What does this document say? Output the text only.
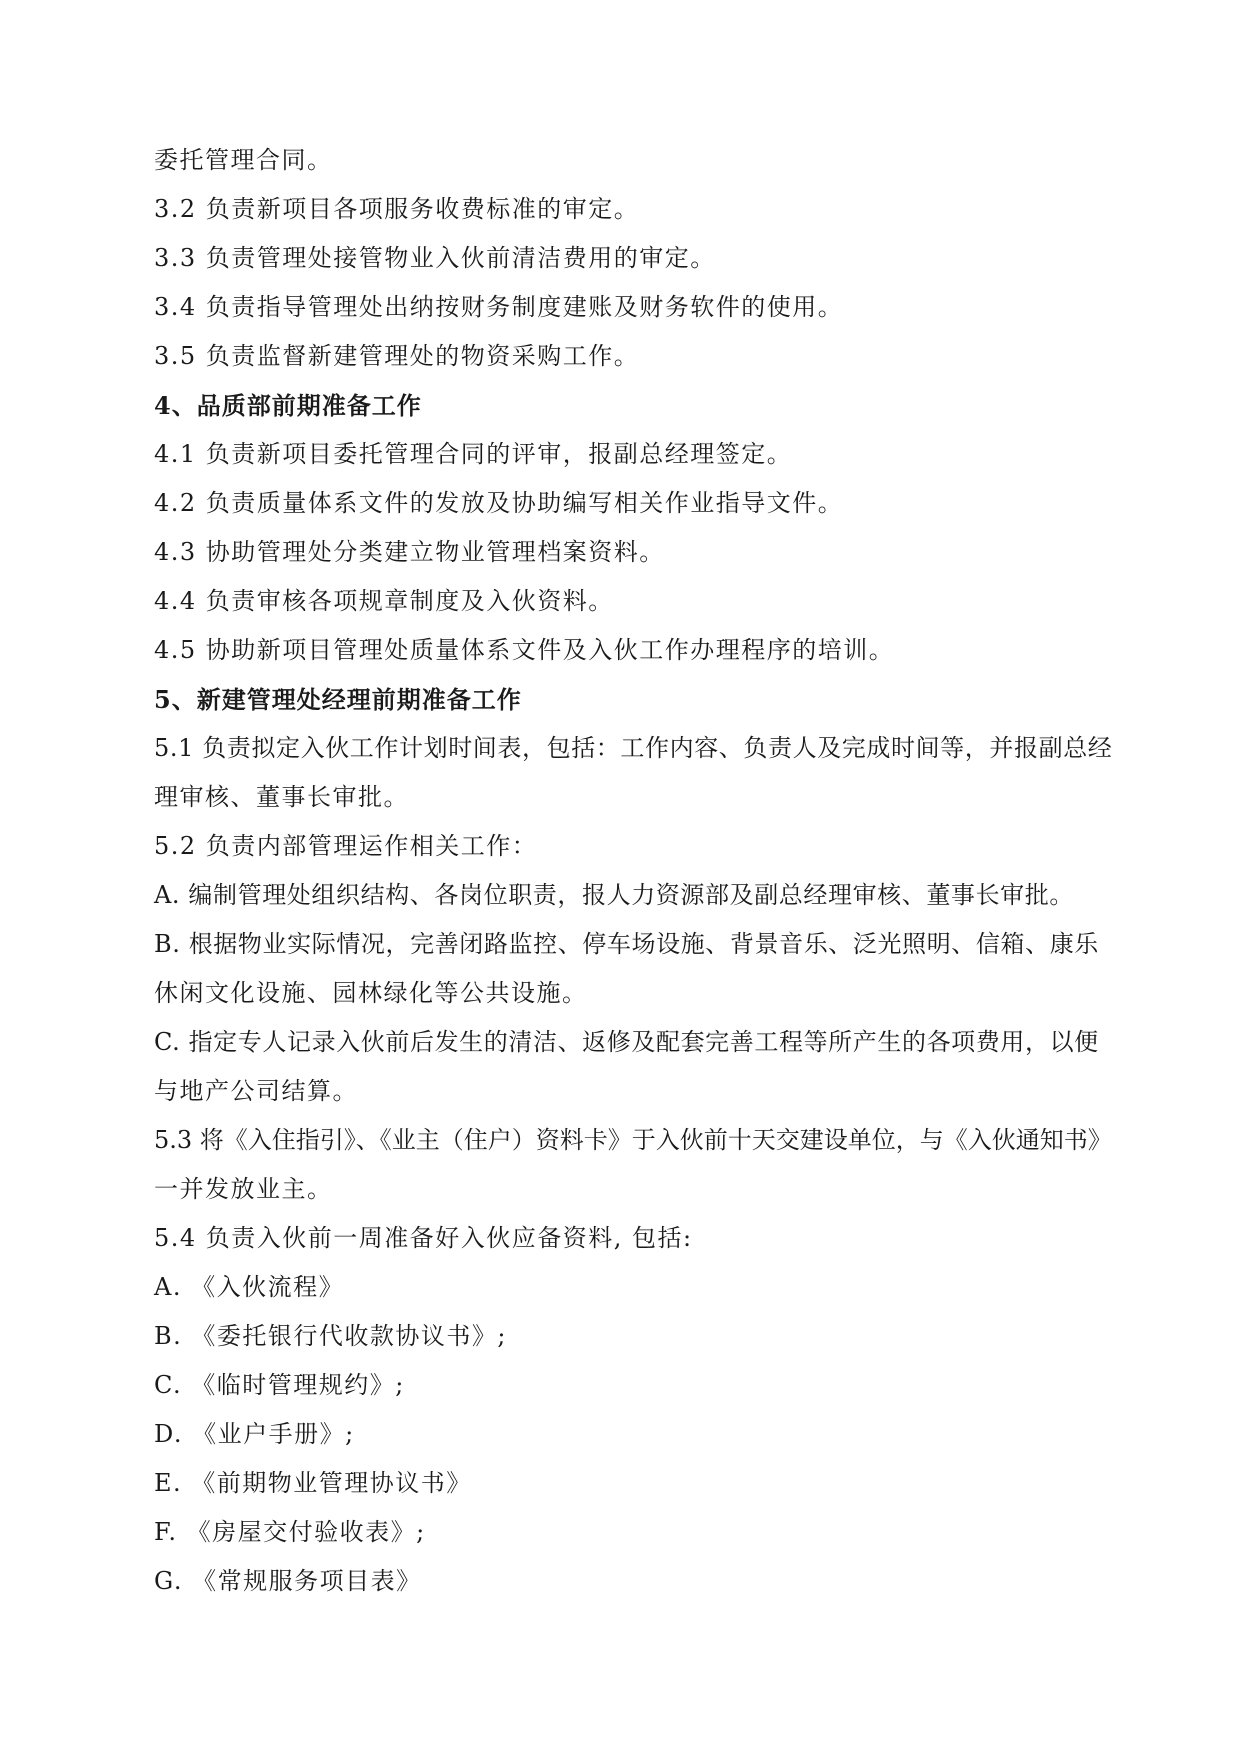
委托管理合同。
3.2 负责新项目各项服务收费标准的审定。
3.3 负责管理处接管物业入伙前清洁费用的审定。
3.4 负责指导管理处出纳按财务制度建账及财务软件的使用。
3.5 负责监督新建管理处的物资采购工作。
4、品质部前期准备工作
4.1 负责新项目委托管理合同的评审，报副总经理签定。
4.2 负责质量体系文件的发放及协助编写相关作业指导文件。
4.3 协助管理处分类建立物业管理档案资料。
4.4 负责审核各项规章制度及入伙资料。
4.5 协助新项目管理处质量体系文件及入伙工作办理程序的培训。
5、新建管理处经理前期准备工作
5.1 负责拟定入伙工作计划时间表，包括：工作内容、负责人及完成时间等，并报副总经
理审核、董事长审批。
5.2 负责内部管理运作相关工作：
A. 编制管理处组织结构、各岗位职责，报人力资源部及副总经理审核、董事长审批。
B. 根据物业实际情况，完善闭路监控、停车场设施、背景音乐、泛光照明、信箱、康乐
休闲文化设施、园林绿化等公共设施。
C. 指定专人记录入伙前后发生的清洁、返修及配套完善工程等所产生的各项费用，以便
与地产公司结算。
5.3 将《入住指引》、《业主（住户）资料卡》于入伙前十天交建设单位，与《入伙通知书》
一并发放业主。
5.4 负责入伙前一周准备好入伙应备资料, 包括:
A. 《入伙流程》
B. 《委托银行代收款协议书》;
C. 《临时管理规约》;
D. 《业户手册》;
E. 《前期物业管理协议书》
F. 《房屋交付验收表》;
G. 《常规服务项目表》
